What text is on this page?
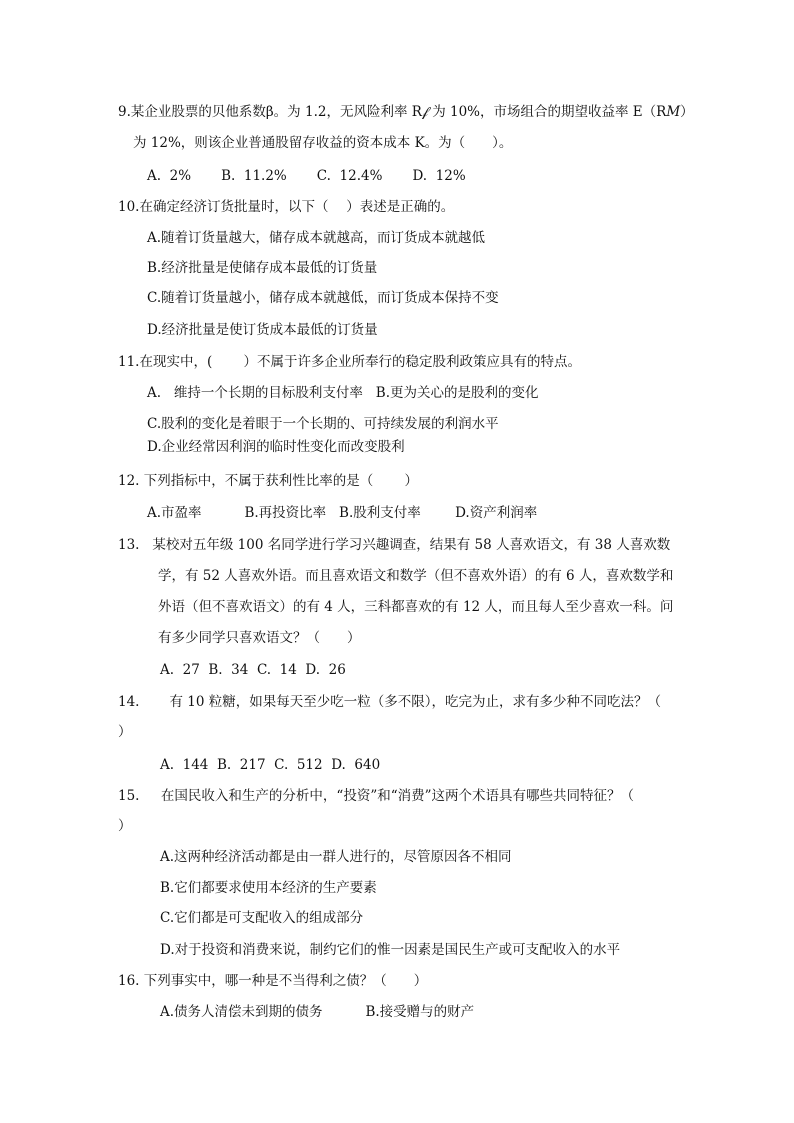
9.某企业股票的贝他系数β。为 1.2，无风险利率 R𝒻 为 10%，市场组合的期望收益率 E（R𝑀）
为 12%，则该企业普通股留存收益的资本成本 K。为（　　）。
A.  2%       B.  11.2%       C.  12.4%       D.  12%
10.在确定经济订货批量时，以下（　 ）表述是正确的。
A.随着订货量越大，储存成本就越高，而订货成本就越低
B.经济批量是使储存成本最低的订货量
C.随着订货量越小，储存成本就越低，而订货成本保持不变
D.经济批量是使订货成本最低的订货量
11.在现实中，(　　 ）不属于许多企业所奉行的稳定股利政策应具有的特点。
A.   维持一个长期的目标股利支付率   B.更为关心的是股利的变化
C.股利的变化是着眼于一个长期的、可持续发展的利润水平
D.企业经常因利润的临时性变化而改变股利
12. 下列指标中，不属于获利性比率的是（　　 ）
A.市盈率          B.再投资比率   B.股利支付率        D.资产利润率
13.   某校对五年级 100 名同学进行学习兴趣调查，结果有 58 人喜欢语文，有 38 人喜欢数
学，有 52 人喜欢外语。而且喜欢语文和数学（但不喜欢外语）的有 6 人，喜欢数学和
外语（但不喜欢语文）的有 4 人，三科都喜欢的有 12 人，而且每人至少喜欢一科。问
有多少同学只喜欢语文？（　　）
A.  27  B.  34  C.  14  D.  26
14.       有 10 粒糖，如果每天至少吃一粒（多不限），吃完为止，求有多少种不同吃法？（
）
A.  144  B.  217  C.  512  D.  640
15.     在国民收入和生产的分析中，“投资”和“消费”这两个术语具有哪些共同特征？（
）
A.这两种经济活动都是由一群人进行的，尽管原因各不相同
B.它们都要求使用本经济的生产要素
C.它们都是可支配收入的组成部分
D.对于投资和消费来说，制约它们的惟一因素是国民生产或可支配收入的水平
16. 下列事实中，哪一种是不当得利之债？（　　）
A.债务人清偿未到期的债务          B.接受赠与的财产
